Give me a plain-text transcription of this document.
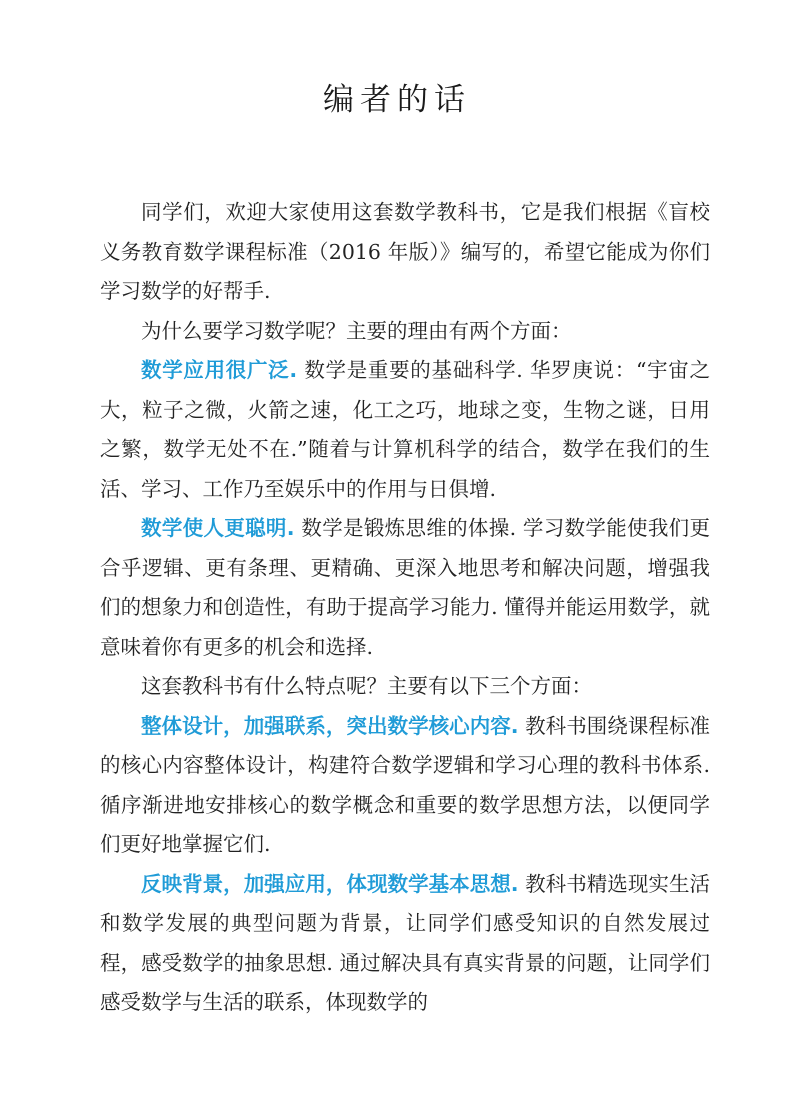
编者的话

同学们，欢迎大家使用这套数学教科书，它是我们根据《盲校义务教育数学课程标准（2016 年版）》编写的，希望它能成为你们学习数学的好帮手.

为什么要学习数学呢？主要的理由有两个方面：

数学应用很广泛. 数学是重要的基础科学. 华罗庚说：“宇宙之大，粒子之微，火箭之速，化工之巧，地球之变，生物之谜，日用之繁，数学无处不在.”随着与计算机科学的结合，数学在我们的生活、学习、工作乃至娱乐中的作用与日俱增.

数学使人更聪明. 数学是锻炼思维的体操. 学习数学能使我们更合乎逻辑、更有条理、更精确、更深入地思考和解决问题，增强我们的想象力和创造性，有助于提高学习能力. 懂得并能运用数学，就意味着你有更多的机会和选择.

这套教科书有什么特点呢？主要有以下三个方面：

整体设计，加强联系，突出数学核心内容. 教科书围绕课程标准的核心内容整体设计，构建符合数学逻辑和学习心理的教科书体系. 循序渐进地安排核心的数学概念和重要的数学思想方法，以便同学们更好地掌握它们.

反映背景，加强应用，体现数学基本思想. 教科书精选现实生活和数学发展的典型问题为背景，让同学们感受知识的自然发展过程，感受数学的抽象思想. 通过解决具有真实背景的问题，让同学们感受数学与生活的联系，体现数学的
